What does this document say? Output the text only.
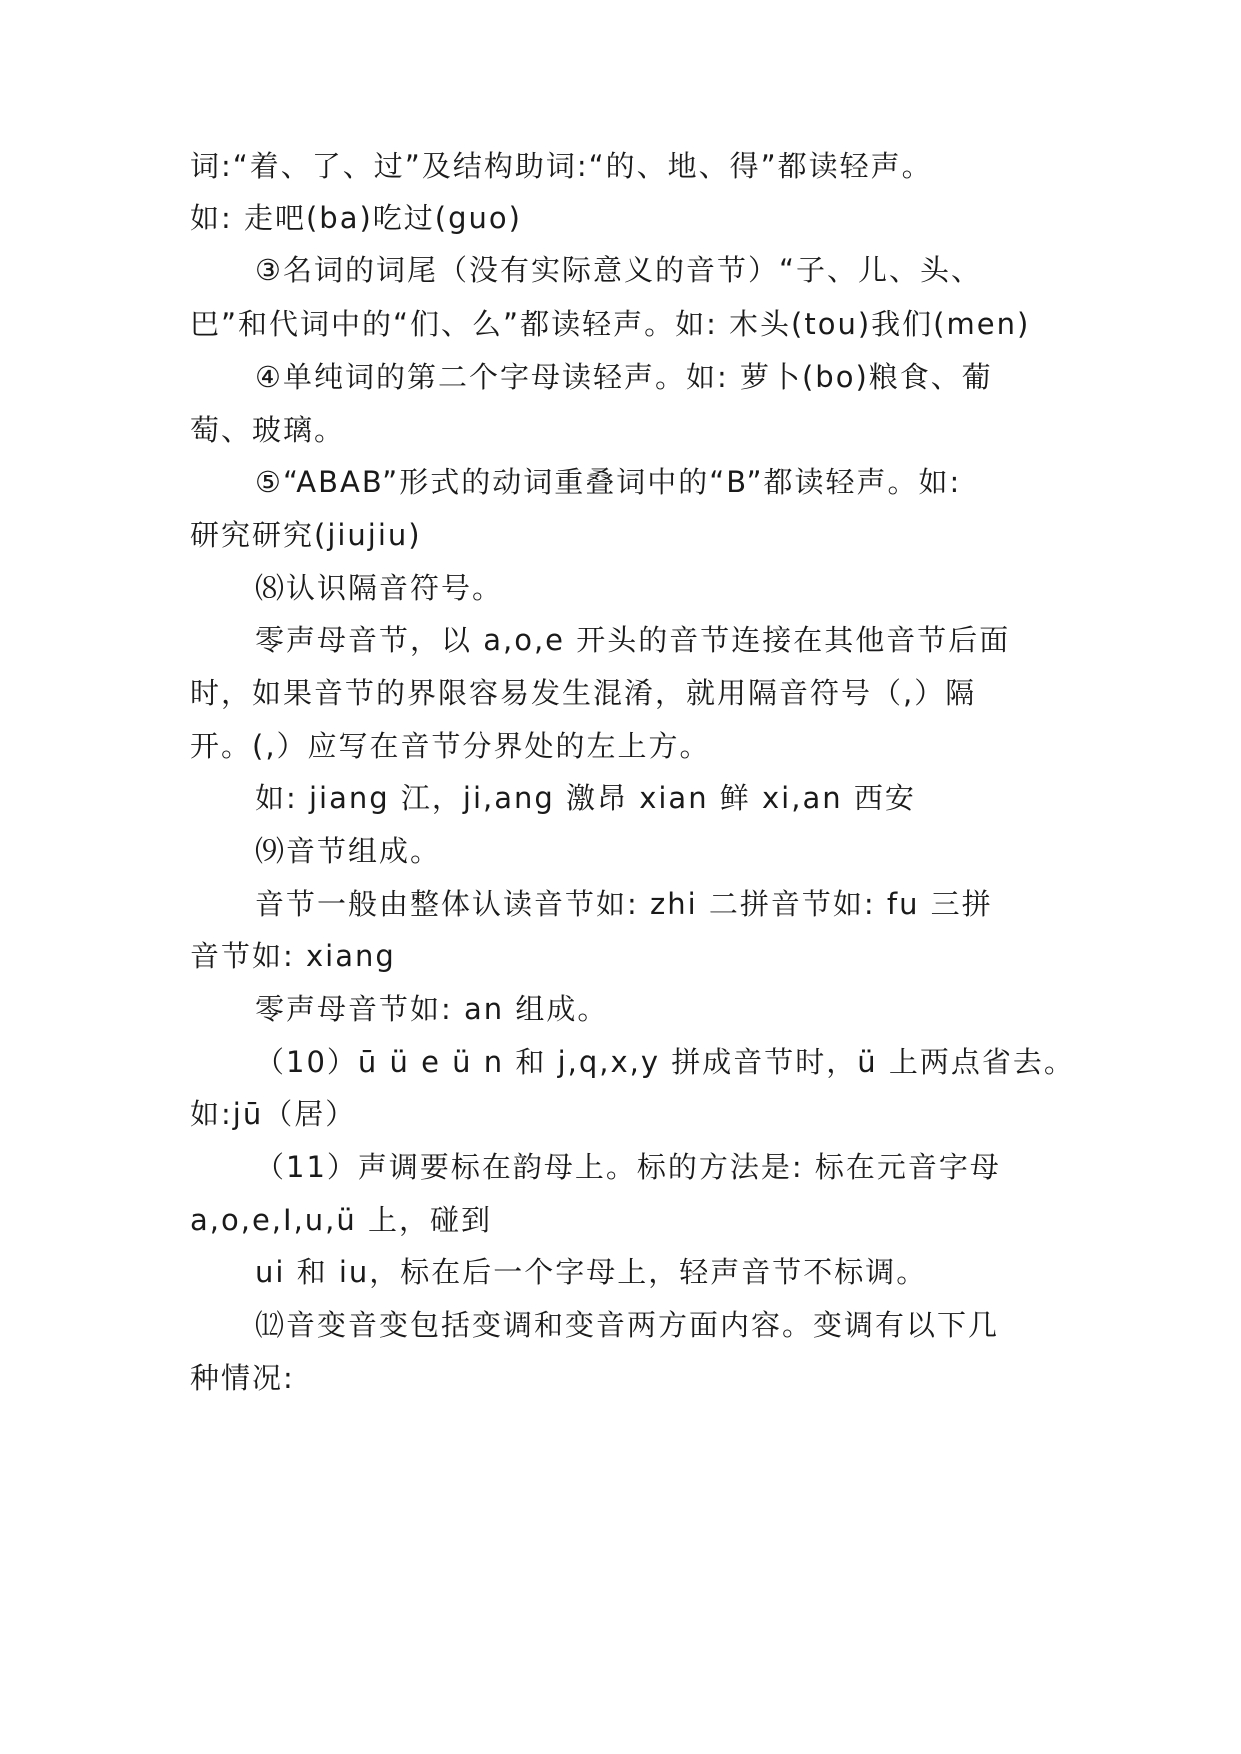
词:“着、了、过”及结构助词:“的、地、得”都读轻声。
如: 走吧(ba)吃过(guo)
③名词的词尾（没有实际意义的音节）“子、儿、头、
巴”和代词中的“们、么”都读轻声。如: 木头(tou)我们(men)
④单纯词的第二个字母读轻声。如: 萝卜(bo)粮食、葡
萄、玻璃。
⑤“ABAB”形式的动词重叠词中的“B”都读轻声。如:
研究研究(jiujiu)
⑻认识隔音符号。
零声母音节，以 a,o,e 开头的音节连接在其他音节后面
时，如果音节的界限容易发生混淆，就用隔音符号（,）隔
开。(,）应写在音节分界处的左上方。
如: jiang 江，ji,ang 激昂 xian 鲜 xi,an 西安
⑼音节组成。
音节一般由整体认读音节如: zhi 二拼音节如: fu 三拼
音节如: xiang
零声母音节如: an 组成。
（10）ū ü e ü n 和 j,q,x,y 拼成音节时，ü 上两点省去。
如:jū（居）
（11）声调要标在韵母上。标的方法是: 标在元音字母
a,o,e,I,u,ü 上，碰到
ui 和 iu，标在后一个字母上，轻声音节不标调。
⑿音变音变包括变调和变音两方面内容。变调有以下几
种情况:
